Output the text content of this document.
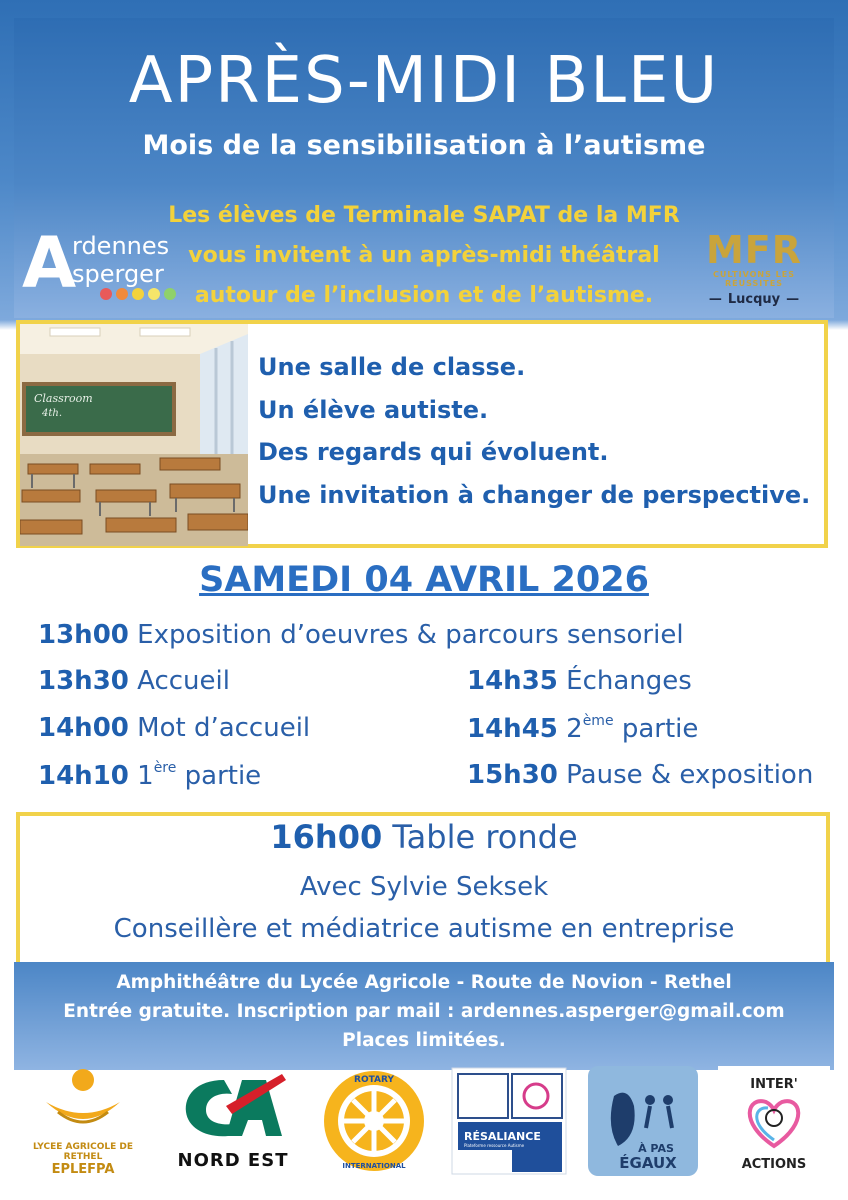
APRÈS-MIDI BLEU
Mois de la sensibilisation à l’autisme
Les élèves de Terminale SAPAT de la MFR
vous invitent à un après-midi théâtral
autour de l’inclusion et de l’autisme.
A
rdennes
sperger
MFR
CULTIVONS LES RÉUSSITES
— Lucquy —
Classroom
4th.
Une salle de classe.
Un élève autiste.
Des regards qui évoluent.
Une invitation à changer de perspective.
SAMEDI 04 AVRIL 2026
13h00 Exposition d’oeuvres & parcours sensoriel
13h30 Accueil
14h00 Mot d’accueil
14h10 1ère partie
14h35 Échanges
14h45 2ème partie
15h30 Pause & exposition
16h00 Table ronde
Avec Sylvie Seksek
Conseillère et médiatrice autisme en entreprise
Amphithéâtre du Lycée Agricole - Route de Novion - Rethel
Entrée gratuite. Inscription par mail : ardennes.asperger@gmail.com
Places limitées.
LYCEE AGRICOLE DE RETHEL
EPLEFPA	NORD EST
ROTARY
INTERNATIONAL
RÉSALIANCE
Plateforme ressource Autisme	À PAS
ÉGAUX
INTER'
ACTIONS
